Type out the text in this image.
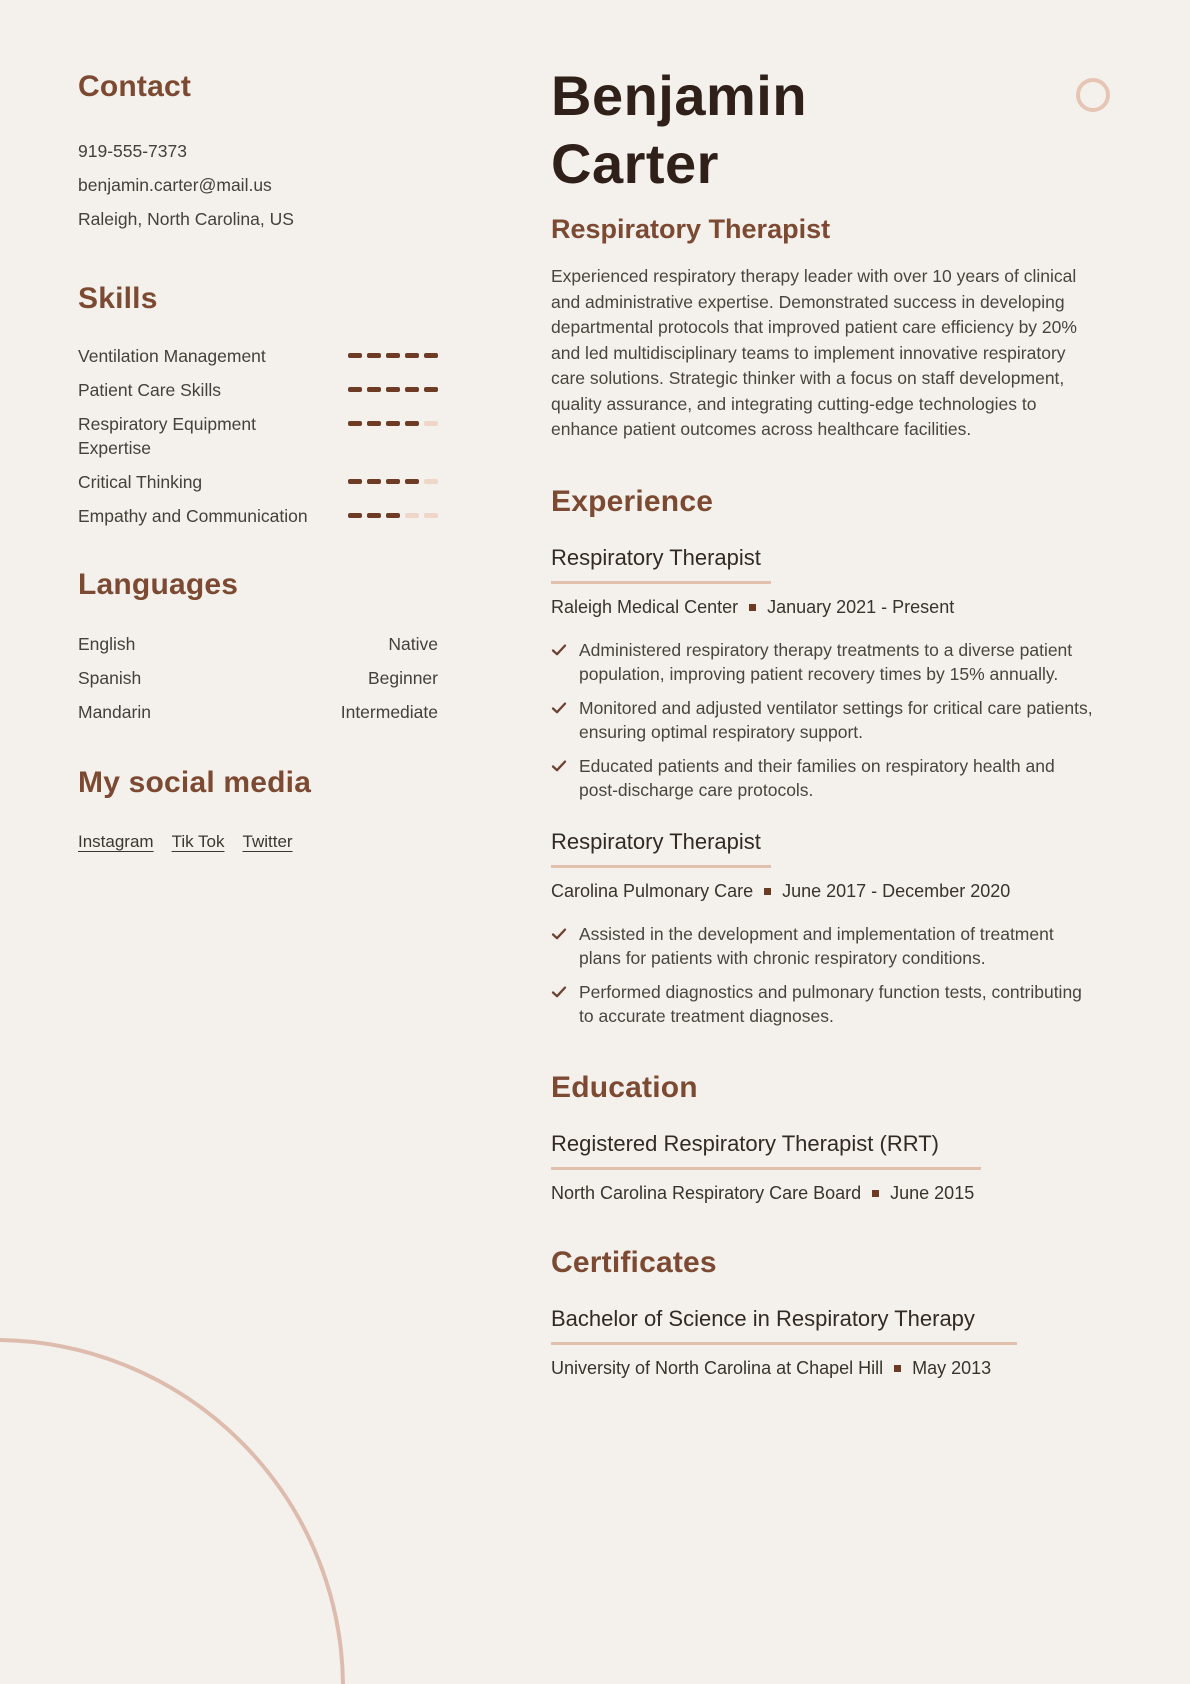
Contact
919-555-7373
benjamin.carter@mail.us
Raleigh, North Carolina, US
Skills
Ventilation Management
Patient Care Skills
Respiratory Equipment Expertise
Critical Thinking
Empathy and Communication
Languages
English	Native
Spanish	Beginner
Mandarin	Intermediate
My social media
Instagram Tik Tok Twitter
Benjamin
Carter
Respiratory Therapist

Experienced respiratory therapy leader with over 10 years of clinical and administrative expertise. Demonstrated success in developing departmental protocols that improved patient care efficiency by 20% and led multidisciplinary teams to implement innovative respiratory care solutions. Strategic thinker with a focus on staff development, quality assurance, and integrating cutting-edge technologies to enhance patient outcomes across healthcare facilities.

Experience
Respiratory Therapist
Raleigh Medical Center January 2021 - Present
Administered respiratory therapy treatments to a diverse patient population, improving patient recovery times by 15% annually.
Monitored and adjusted ventilator settings for critical care patients, ensuring optimal respiratory support.
Educated patients and their families on respiratory health and post-discharge care protocols.
Respiratory Therapist
Carolina Pulmonary Care June 2017 - December 2020
Assisted in the development and implementation of treatment plans for patients with chronic respiratory conditions.
Performed diagnostics and pulmonary function tests, contributing to accurate treatment diagnoses.
Education
Registered Respiratory Therapist (RRT)
North Carolina Respiratory Care Board June 2015
Certificates
Bachelor of Science in Respiratory Therapy
University of North Carolina at Chapel Hill May 2013
